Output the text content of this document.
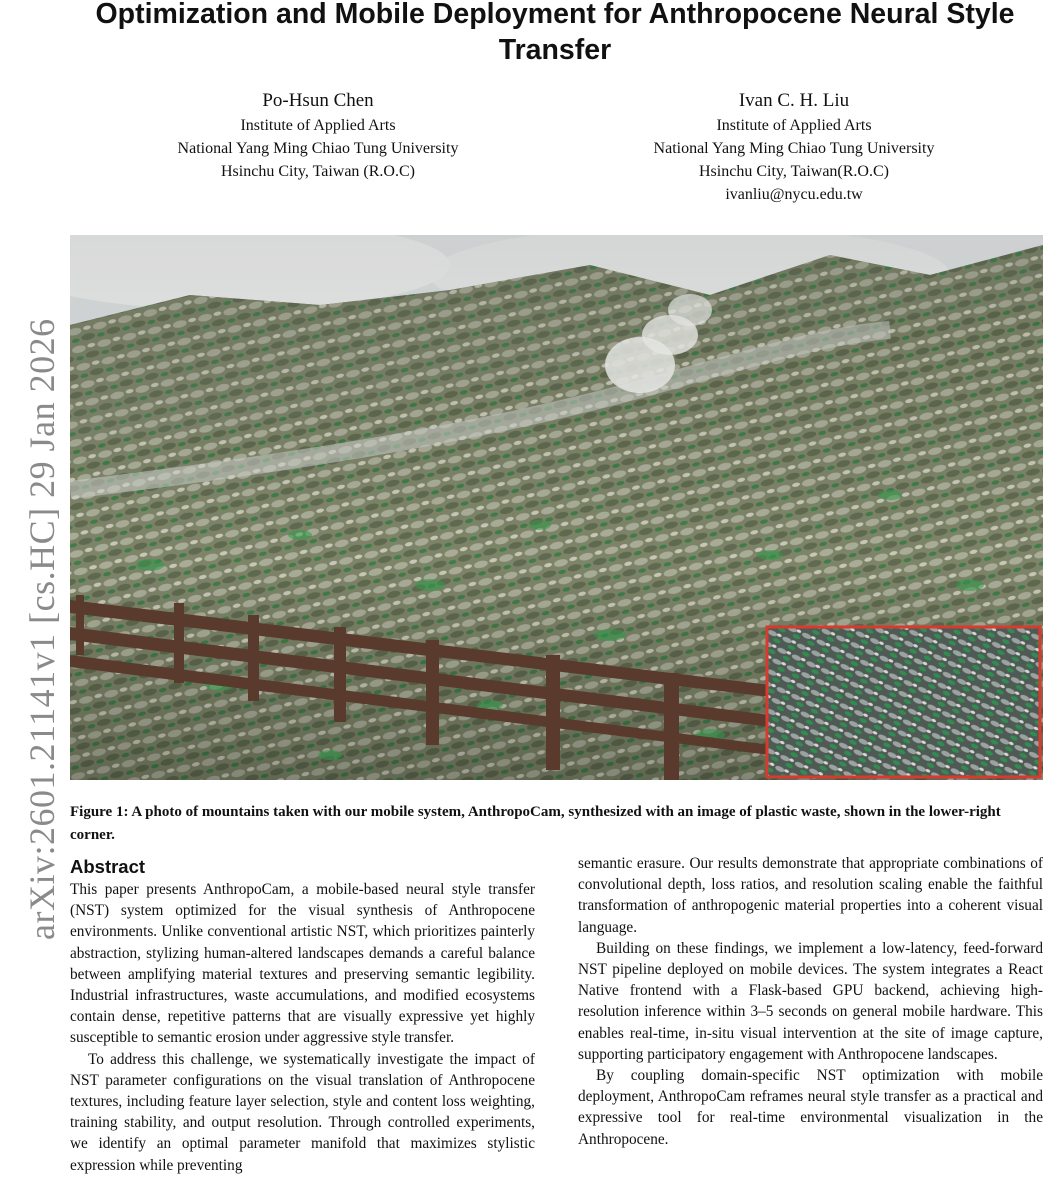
arXiv:2601.21141v1 [cs.HC] 29 Jan 2026
Optimization and Mobile Deployment for Anthropocene Neural Style Transfer
Po-Hsun Chen
Institute of Applied Arts
National Yang Ming Chiao Tung University
Hsinchu City, Taiwan (R.O.C)
Ivan C. H. Liu
Institute of Applied Arts
National Yang Ming Chiao Tung University
Hsinchu City, Taiwan(R.O.C)
ivanliu@nycu.edu.tw

Figure 1: A photo of mountains taken with our mobile system, AnthropoCam, synthesized with an image of plastic waste, shown in the lower-right corner.

Abstract

This paper presents AnthropoCam, a mobile-based neural style transfer (NST) system optimized for the visual synthesis of Anthropocene environments. Unlike conventional artistic NST, which prioritizes painterly abstraction, stylizing human-altered landscapes demands a careful balance between amplifying material textures and preserving semantic legibility. Industrial infrastructures, waste accumulations, and modified ecosystems contain dense, repetitive patterns that are visually expressive yet highly susceptible to semantic erosion under aggressive style transfer.

To address this challenge, we systematically investigate the impact of NST parameter configurations on the visual translation of Anthropocene textures, including feature layer selection, style and content loss weighting, training stability, and output resolution. Through controlled experiments, we identify an optimal parameter manifold that maximizes stylistic expression while preventing

semantic erasure. Our results demonstrate that appropriate combinations of convolutional depth, loss ratios, and resolution scaling enable the faithful transformation of anthropogenic material properties into a coherent visual language.

Building on these findings, we implement a low-latency, feed-forward NST pipeline deployed on mobile devices. The system integrates a React Native frontend with a Flask-based GPU backend, achieving high-resolution inference within 3–5 seconds on general mobile hardware. This enables real-time, in-situ visual intervention at the site of image capture, supporting participatory engagement with Anthropocene landscapes.

By coupling domain-specific NST optimization with mobile deployment, AnthropoCam reframes neural style transfer as a practical and expressive tool for real-time environmental visualization in the Anthropocene.
